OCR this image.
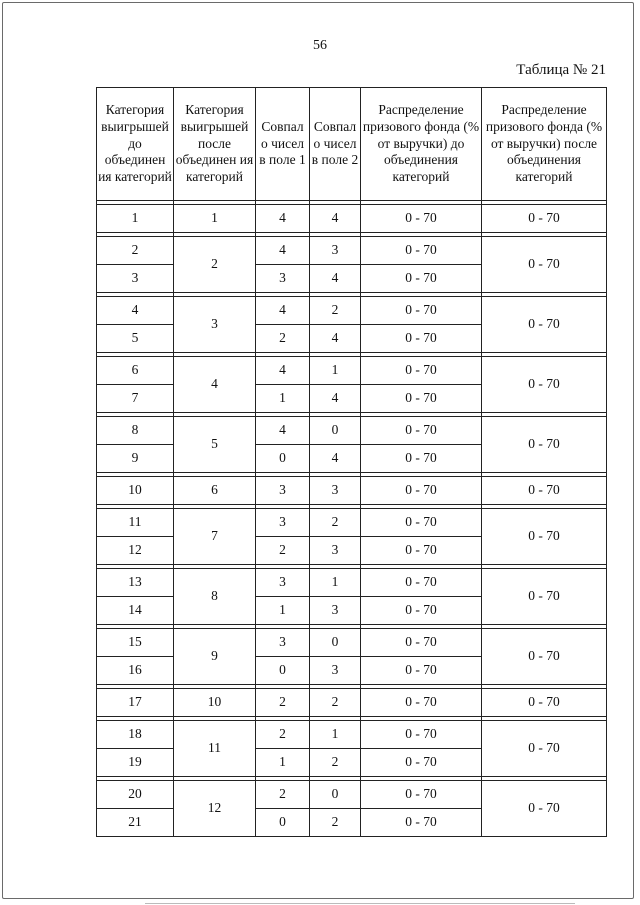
56
Таблица № 21
Категория выигрышей до объединен ия категорий	Категория выигрышей после объединен ия категорий	Совпал о чисел в поле 1	Совпал о чисел в поле 2	Распределение призового фонда (% от выручки) до объединения категорий	Распределение призового фонда (% от выручки) после объединения категорий

1	1	4	4	0 - 70	0 - 70

2	2	4	3	0 - 70	0 - 70
3		3	4	0 - 70	

4	3	4	2	0 - 70	0 - 70
5		2	4	0 - 70	

6	4	4	1	0 - 70	0 - 70
7		1	4	0 - 70	

8	5	4	0	0 - 70	0 - 70
9		0	4	0 - 70	

10	6	3	3	0 - 70	0 - 70

11	7	3	2	0 - 70	0 - 70
12		2	3	0 - 70	

13	8	3	1	0 - 70	0 - 70
14		1	3	0 - 70	

15	9	3	0	0 - 70	0 - 70
16		0	3	0 - 70	

17	10	2	2	0 - 70	0 - 70

18	11	2	1	0 - 70	0 - 70
19		1	2	0 - 70	

20	12	2	0	0 - 70	0 - 70
21		0	2	0 - 70	
